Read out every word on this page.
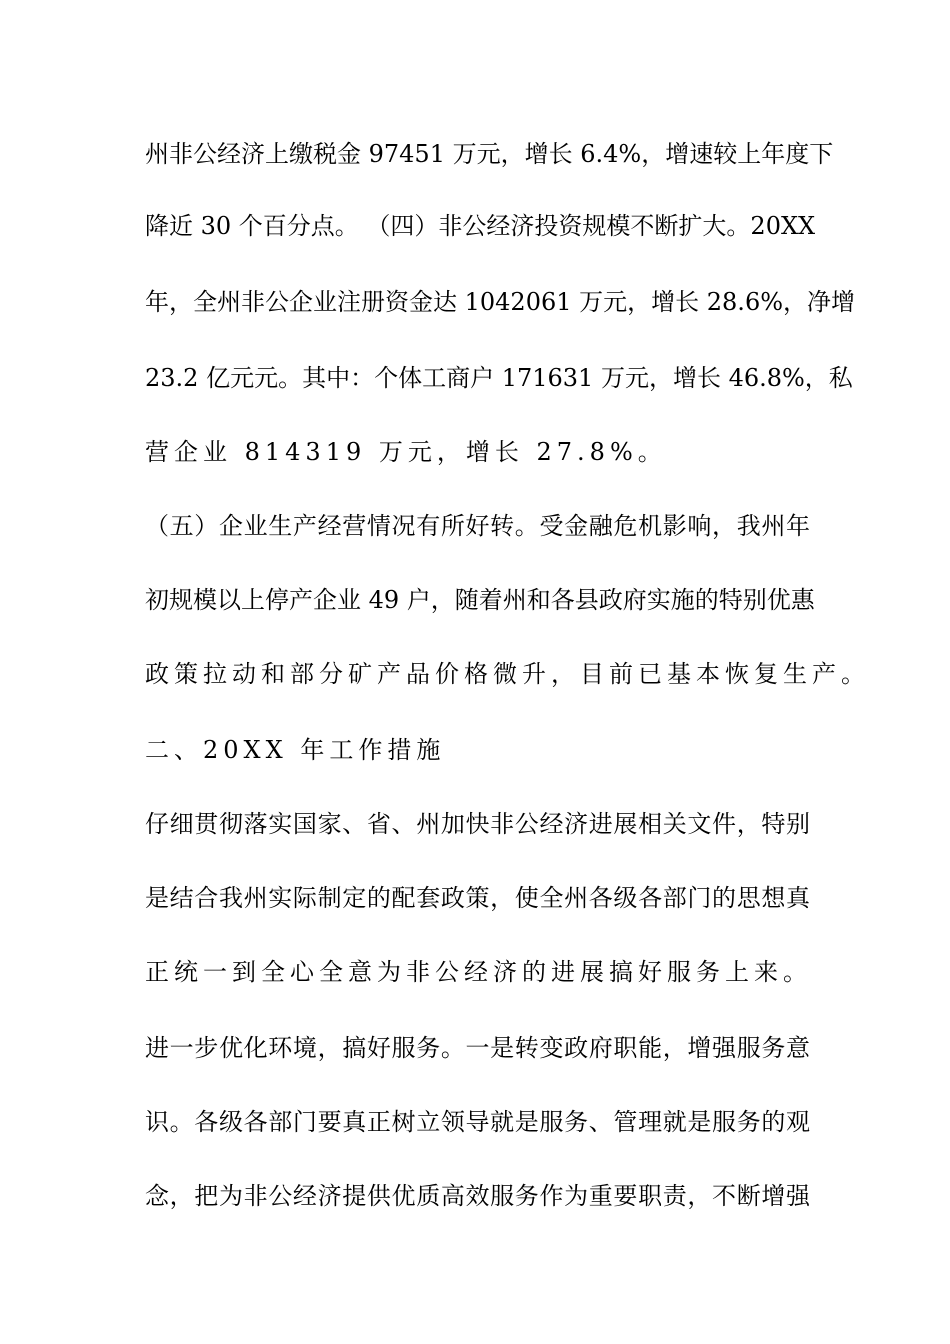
州非公经济上缴税金 97451 万元，增长 6.4%，增速较上年度下
降近 30 个百分点。 （四）非公经济投资规模不断扩大。20XX
年，全州非公企业注册资金达 1042061 万元，增长 28.6%，净增
23.2 亿元元。其中：个体工商户 171631 万元，增长 46.8%，私
营企业 814319 万元，增长 27.8%。
（五）企业生产经营情况有所好转。受金融危机影响，我州年
初规模以上停产企业 49 户，随着州和各县政府实施的特别优惠
政策拉动和部分矿产品价格微升，目前已基本恢复生产。
二、20XX 年工作措施
仔细贯彻落实国家、省、州加快非公经济进展相关文件，特别
是结合我州实际制定的配套政策，使全州各级各部门的思想真
正统一到全心全意为非公经济的进展搞好服务上来。
进一步优化环境，搞好服务。一是转变政府职能，增强服务意
识。各级各部门要真正树立领导就是服务、管理就是服务的观
念，把为非公经济提供优质高效服务作为重要职责，不断增强
